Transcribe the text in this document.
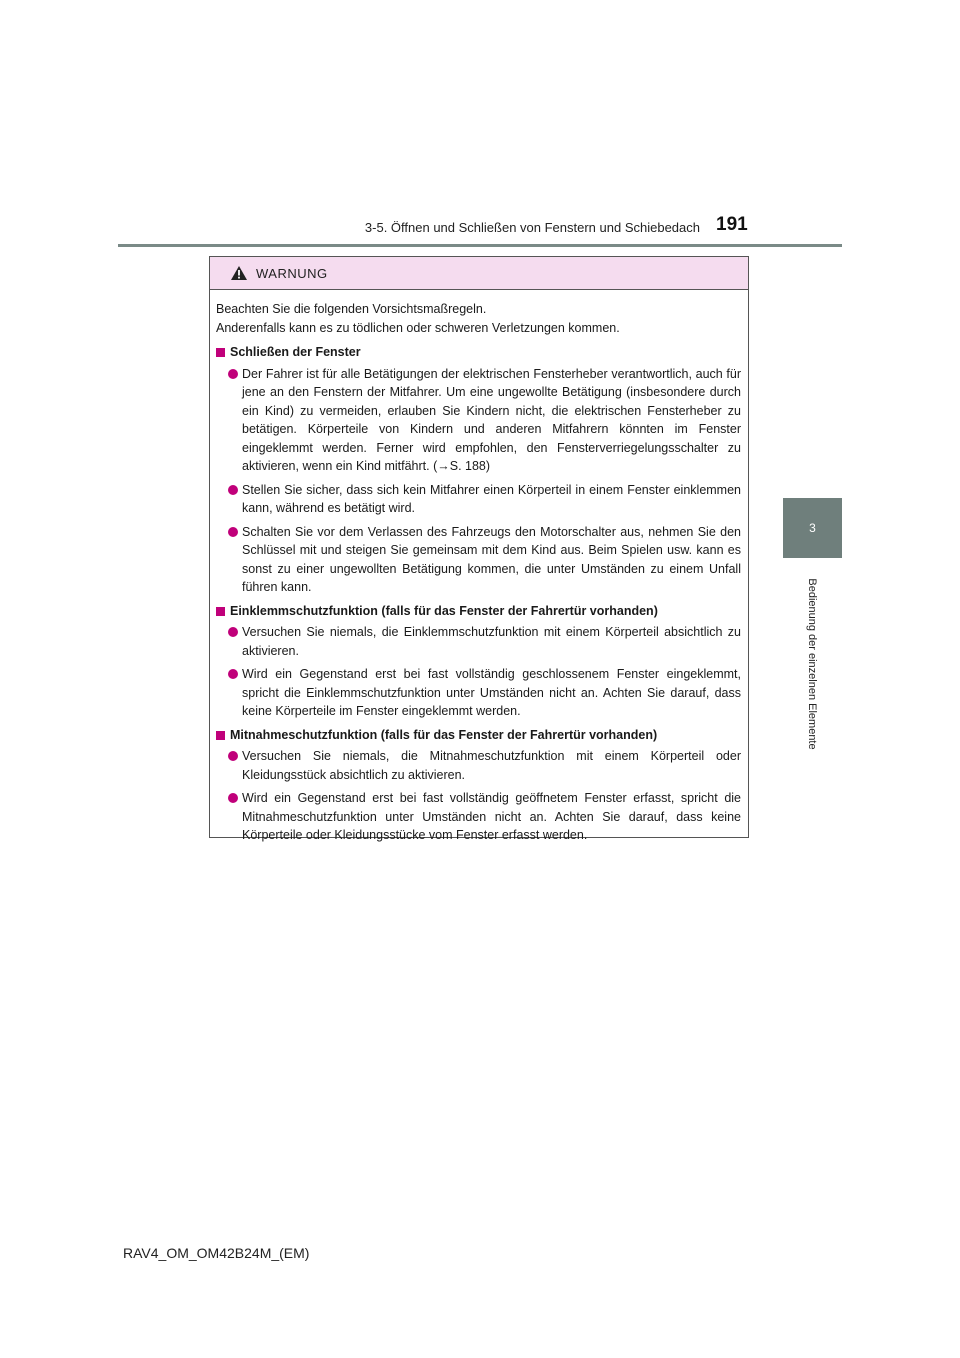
3-5. Öffnen und Schließen von Fenstern und Schiebedach 191
3
Bedienung der einzelnen Elemente
WARNUNG
Beachten Sie die folgenden Vorsichtsmaßregeln.
Anderenfalls kann es zu tödlichen oder schweren Verletzungen kommen.
Schließen der Fenster
Der Fahrer ist für alle Betätigungen der elektrischen Fensterheber verantwortlich, auch für jene an den Fenstern der Mitfahrer. Um eine ungewollte Betätigung (insbesondere durch ein Kind) zu vermeiden, erlauben Sie Kindern nicht, die elektrischen Fensterheber zu betätigen. Körperteile von Kindern und anderen Mitfahrern könnten im Fenster eingeklemmt werden. Ferner wird empfohlen, den Fensterverriegelungsschalter zu aktivieren, wenn ein Kind mitfährt. (→S. 188)
Stellen Sie sicher, dass sich kein Mitfahrer einen Körperteil in einem Fenster einklemmen kann, während es betätigt wird.
Schalten Sie vor dem Verlassen des Fahrzeugs den Motorschalter aus, nehmen Sie den Schlüssel mit und steigen Sie gemeinsam mit dem Kind aus. Beim Spielen usw. kann es sonst zu einer ungewollten Betätigung kommen, die unter Umständen zu einem Unfall führen kann.
Einklemmschutzfunktion (falls für das Fenster der Fahrertür vorhanden)
Versuchen Sie niemals, die Einklemmschutzfunktion mit einem Körperteil absichtlich zu aktivieren.
Wird ein Gegenstand erst bei fast vollständig geschlossenem Fenster eingeklemmt, spricht die Einklemmschutzfunktion unter Umständen nicht an. Achten Sie darauf, dass keine Körperteile im Fenster eingeklemmt werden.
Mitnahmeschutzfunktion (falls für das Fenster der Fahrertür vorhanden)
Versuchen Sie niemals, die Mitnahmeschutzfunktion mit einem Körperteil oder Kleidungsstück absichtlich zu aktivieren.
Wird ein Gegenstand erst bei fast vollständig geöffnetem Fenster erfasst, spricht die Mitnahmeschutzfunktion unter Umständen nicht an. Achten Sie darauf, dass keine Körperteile oder Kleidungsstücke vom Fenster erfasst werden.
RAV4_OM_OM42B24M_(EM)
